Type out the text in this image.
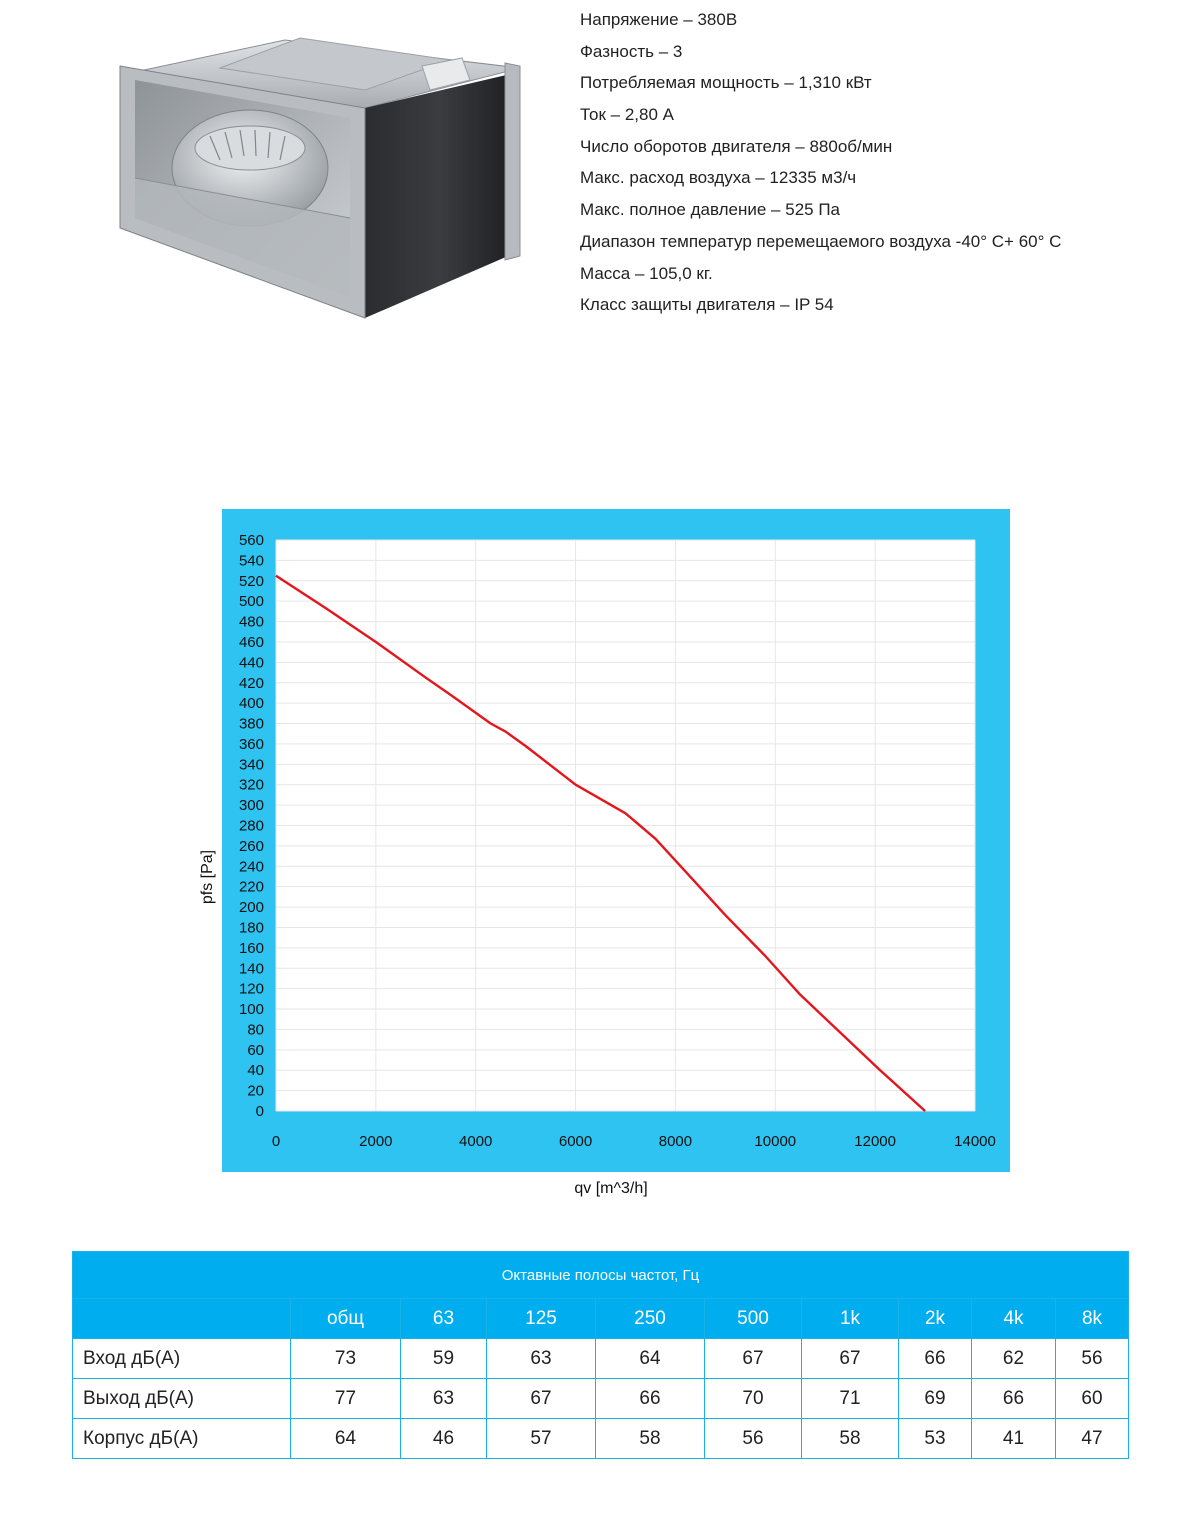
Напряжение – 380В
Фазность – 3
Потребляемая мощность – 1,310 кВт
Ток – 2,80 А
Число оборотов двигателя – 880об/мин
Макс. расход воздуха – 12335 м3/ч
Макс. полное давление – 525 Па
Диапазон температур перемещаемого воздуха -40° С+ 60° С
Масса – 105,0 кг.
Класс защиты двигателя – IP 54
0
20
40
60
80
100
120
140
160
180
200
220
240
260
280
300
320
340
360
380
400
420
440
460
480
500
520
540
560
0	2000	4000	6000	8000	10000	12000	14000
pfs [Pa]
qv [m^3/h]
Октавные полосы частот, Гц									
	общ	63	125	250	500	1k	2k	4k	8k
Вход дБ(А)	73	59	63	64	67	67	66	62	56
Выход дБ(А)	77	63	67	66	70	71	69	66	60
Корпус дБ(А)	64	46	57	58	56	58	53	41	47
